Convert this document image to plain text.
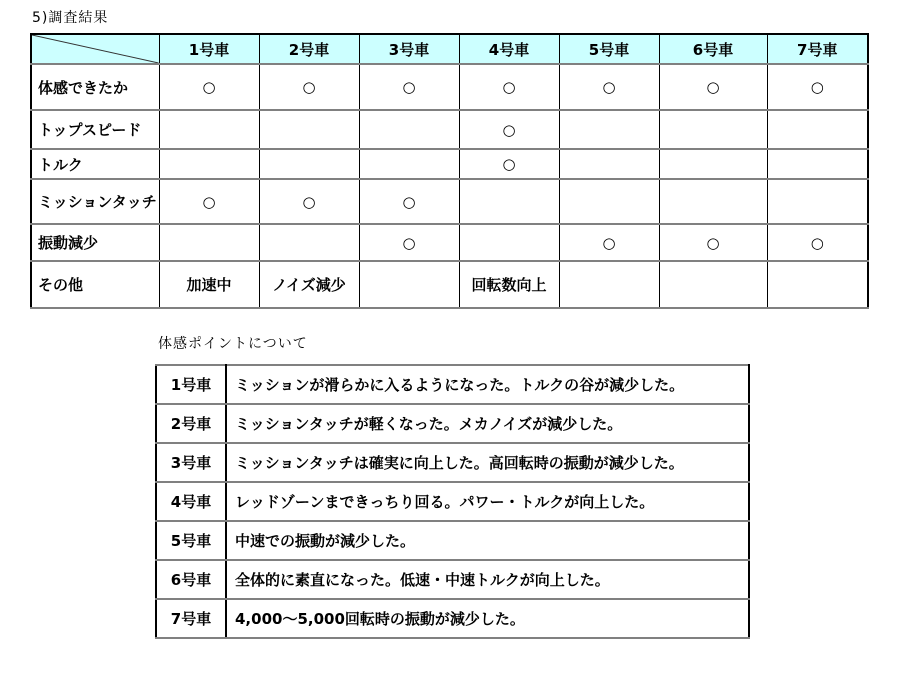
5)調査結果
	1号車	2号車	3号車	4号車	5号車	6号車	7号車
体感できたか	○	○	○	○	○	○	○
トップスピード				○			
トルク				○			
ミッションタッチ	○	○	○				
振動減少			○		○	○	○
その他	加速中	ノイズ減少		回転数向上			
体感ポイントについて
1号車	ミッションが滑らかに入るようになった。トルクの谷が減少した。
2号車	ミッションタッチが軽くなった。メカノイズが減少した。
3号車	ミッションタッチは確実に向上した。高回転時の振動が減少した。
4号車	レッドゾーンまできっちり回る。パワー・トルクが向上した。
5号車	中速での振動が減少した。
6号車	全体的に素直になった。低速・中速トルクが向上した。
7号車	4,000～5,000回転時の振動が減少した。
